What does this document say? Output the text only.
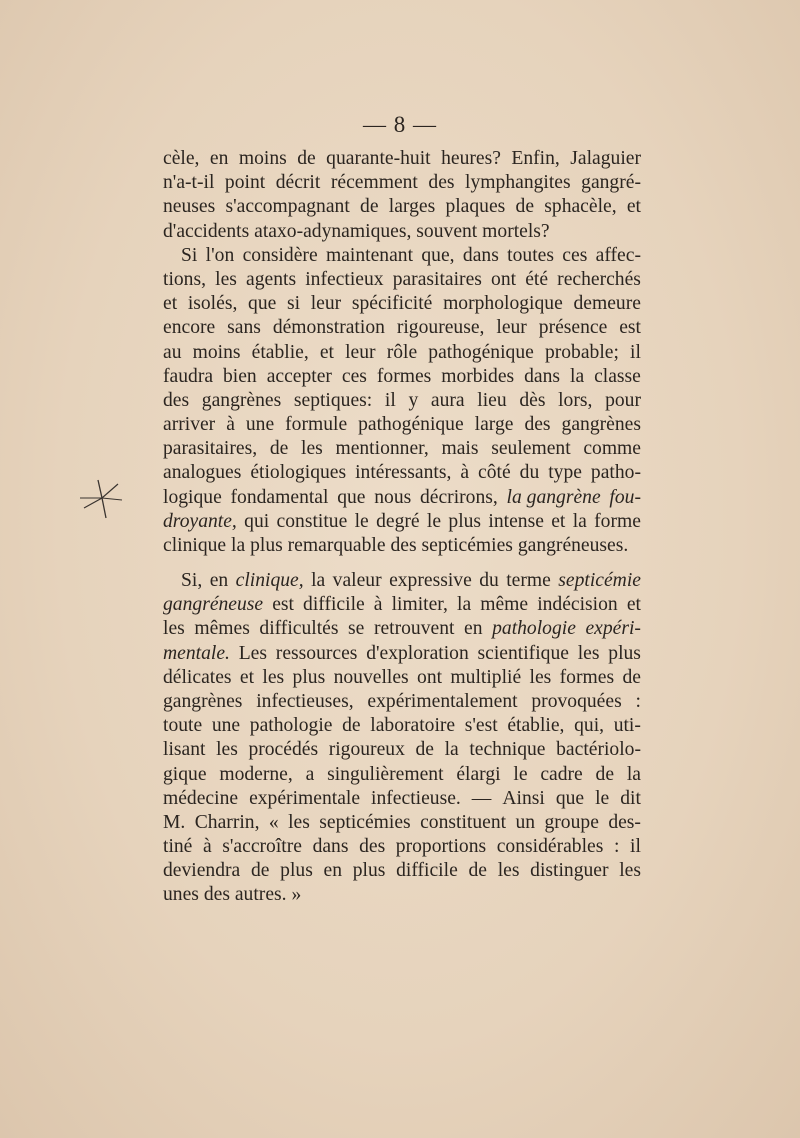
— 8 —
cèle, en moins de quarante-huit heures? Enfin, Jalaguier
n'a-t-il point décrit récemment des lymphangites gangré-
neuses s'accompagnant de larges plaques de sphacèle, et
d'accidents
ataxo-adynamiques,
souvent
mortels?
Si l'on considère maintenant que, dans toutes ces affec-
tions, les agents infectieux parasitaires ont été recherchés
et isolés, que si leur spécificité morphologique demeure
encore sans démonstration rigoureuse, leur présence est
au moins établie, et leur rôle pathogénique probable; il
faudra bien accepter ces formes morbides dans la classe
des gangrènes septiques: il y aura lieu dès lors, pour
arriver à une formule pathogénique large des gangrènes
parasitaires, de les mentionner, mais seulement comme
analogues étiologiques intéressants, à côté du type patho-
logique fondamental que nous décrirons, la gangrène fou-
droyante, qui constitue le degré le plus intense et la forme
clinique
la
plus
remarquable
des
septicémies
gangréneuses.
Si, en clinique, la valeur expressive du terme septicémie
gangréneuse est difficile à limiter, la même indécision et
les mêmes difficultés se retrouvent en pathologie expéri-
mentale. Les ressources d'exploration scientifique les plus
délicates et les plus nouvelles ont multiplié les formes de
gangrènes infectieuses, expérimentalement provoquées :
toute une pathologie de laboratoire s'est établie, qui, uti-
lisant les procédés rigoureux de la technique bactériolo-
gique moderne, a singulièrement élargi le cadre de la
médecine expérimentale infectieuse. — Ainsi que le dit
M. Charrin, « les septicémies constituent un groupe des-
tiné à s'accroître dans des proportions considérables : il
deviendra de plus en plus difficile de les distinguer les
unes
des
autres.
»
